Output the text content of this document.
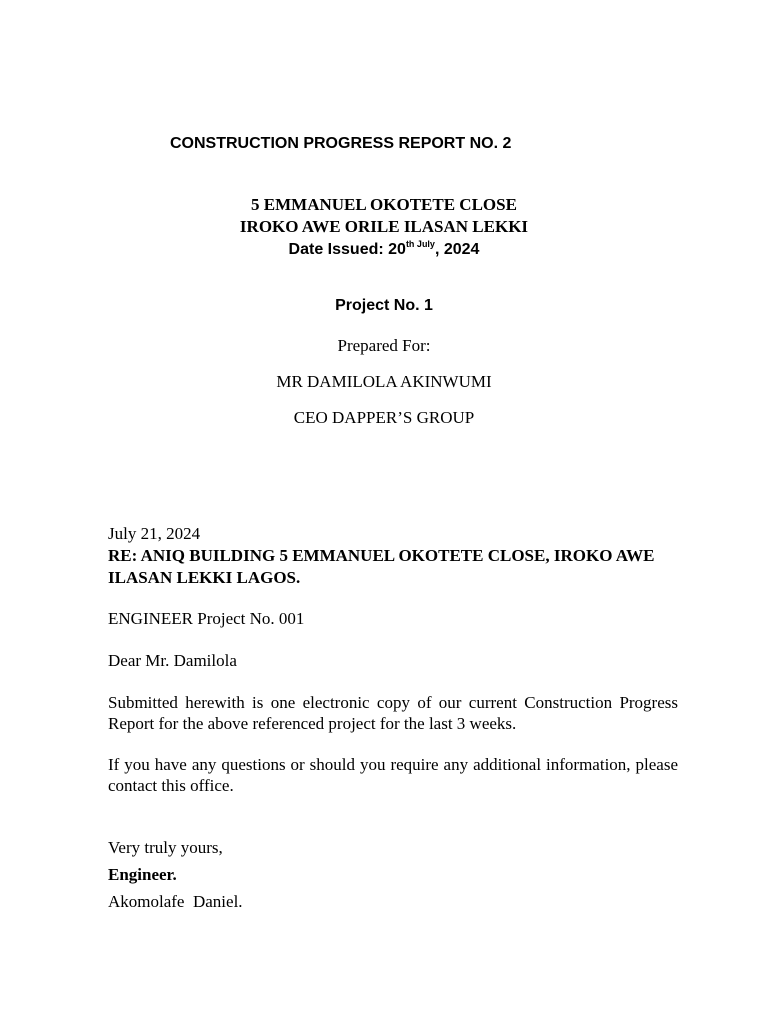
CONSTRUCTION PROGRESS REPORT NO. 2
5 EMMANUEL OKOTETE CLOSE
IROKO AWE ORILE ILASAN LEKKI
Date Issued: $20^{th July}$, 2024
Project No. 1
Prepared For:
MR DAMILOLA AKINWUMI
CEO DAPPER’S GROUP
July 21, 2024
RE: ANIQ BUILDING 5 EMMANUEL OKOTETE CLOSE, IROKO AWE
ILASAN LEKKI LAGOS.
ENGINEER Project No. 001
Dear Mr. Damilola
Submitted herewith is one electronic copy of our current Construction Progress Report for the above referenced project for the last 3 weeks.
If you have any questions or should you require any additional information, please contact this office.
Very truly yours,
Engineer.
Akomolafe  Daniel.
